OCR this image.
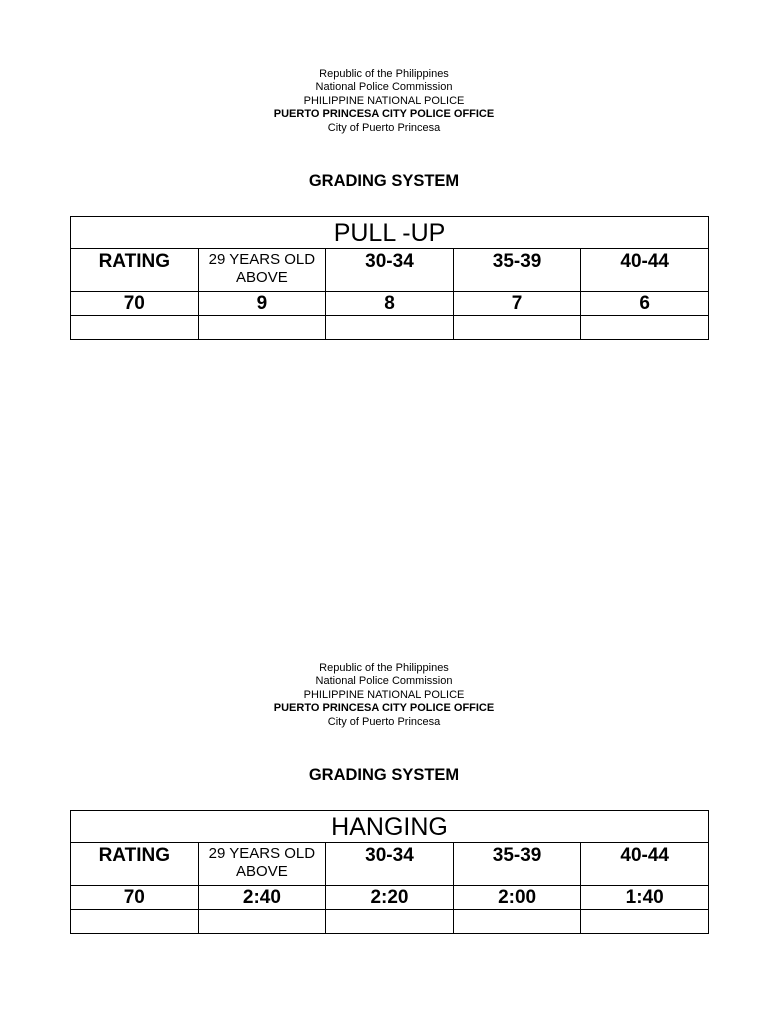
Republic of the Philippines
National Police Commission
PHILIPPINE NATIONAL POLICE
PUERTO PRINCESA CITY POLICE OFFICE
City of Puerto Princesa
GRADING SYSTEM
PULL -UP				
RATING	29 YEARS OLD ABOVE	30-34	35-39	40-44
70	9	8	7	6

Republic of the Philippines
National Police Commission
PHILIPPINE NATIONAL POLICE
PUERTO PRINCESA CITY POLICE OFFICE
City of Puerto Princesa
GRADING SYSTEM
HANGING				
RATING	29 YEARS OLD ABOVE	30-34	35-39	40-44
70	2:40	2:20	2:00	1:40
